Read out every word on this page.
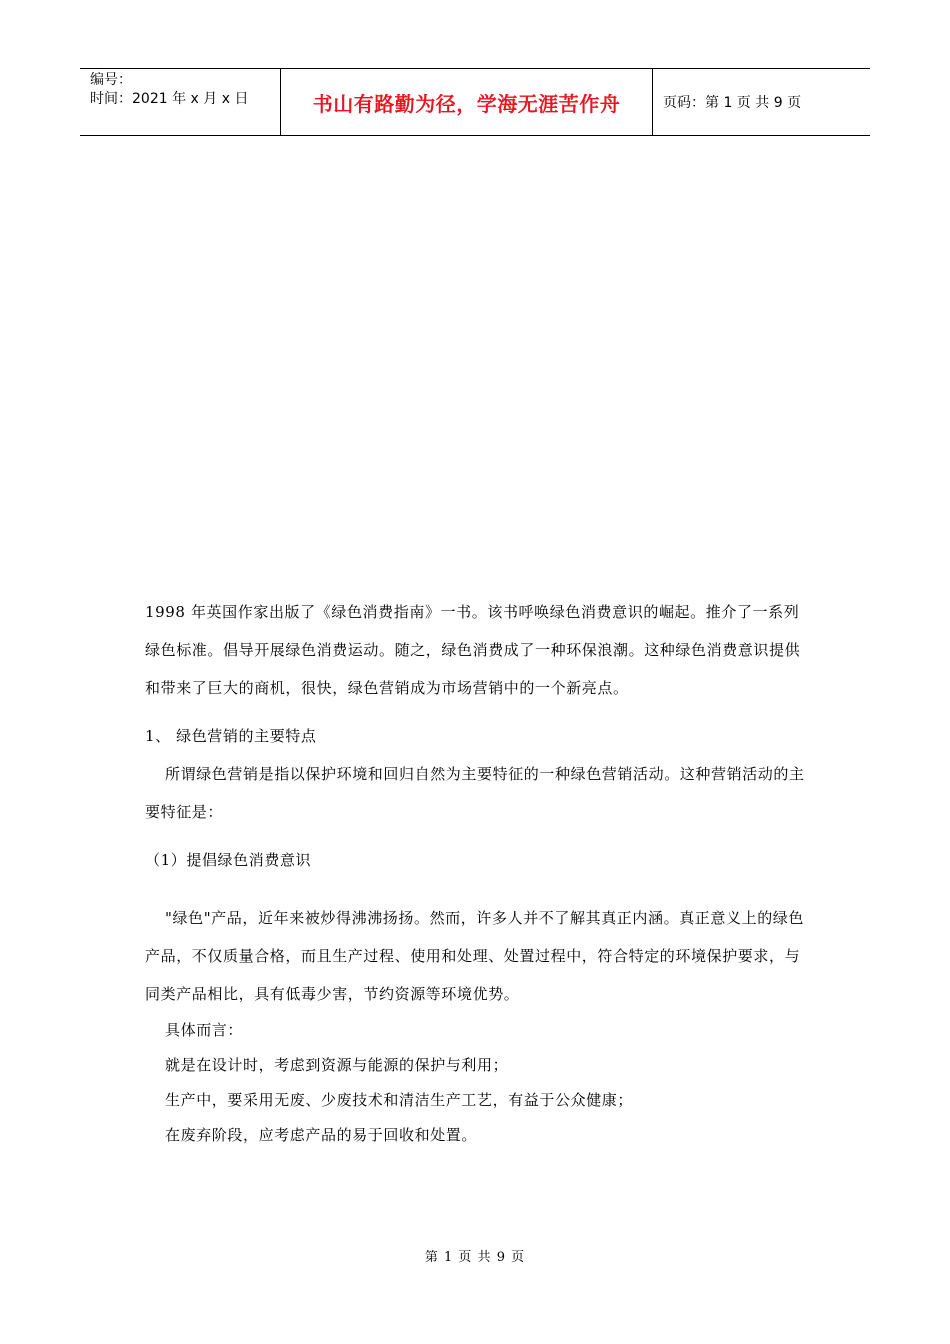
编号：
时间：2021 年 x 月 x 日	书山有路勤为径，学海无涯苦作舟	页码：第 1 页 共 9 页

1998 年英国作家出版了《绿色消费指南》一书。该书呼唤绿色消费意识的崛起。推介了一系列绿色标准。倡导开展绿色消费运动。随之，绿色消费成了一种环保浪潮。这种绿色消费意识提供和带来了巨大的商机，很快，绿色营销成为市场营销中的一个新亮点。

1、 绿色营销的主要特点

所谓绿色营销是指以保护环境和回归自然为主要特征的一种绿色营销活动。这种营销活动的主要特征是：

（1）提倡绿色消费意识

"绿色"产品，近年来被炒得沸沸扬扬。然而，许多人并不了解其真正内涵。真正意义上的绿色产品，不仅质量合格，而且生产过程、使用和处理、处置过程中，符合特定的环境保护要求，与同类产品相比，具有低毒少害，节约资源等环境优势。

具体而言：

就是在设计时，考虑到资源与能源的保护与利用；

生产中，要采用无废、少废技术和清洁生产工艺，有益于公众健康；

在废弃阶段，应考虑产品的易于回收和处置。

第 1 页 共 9 页
